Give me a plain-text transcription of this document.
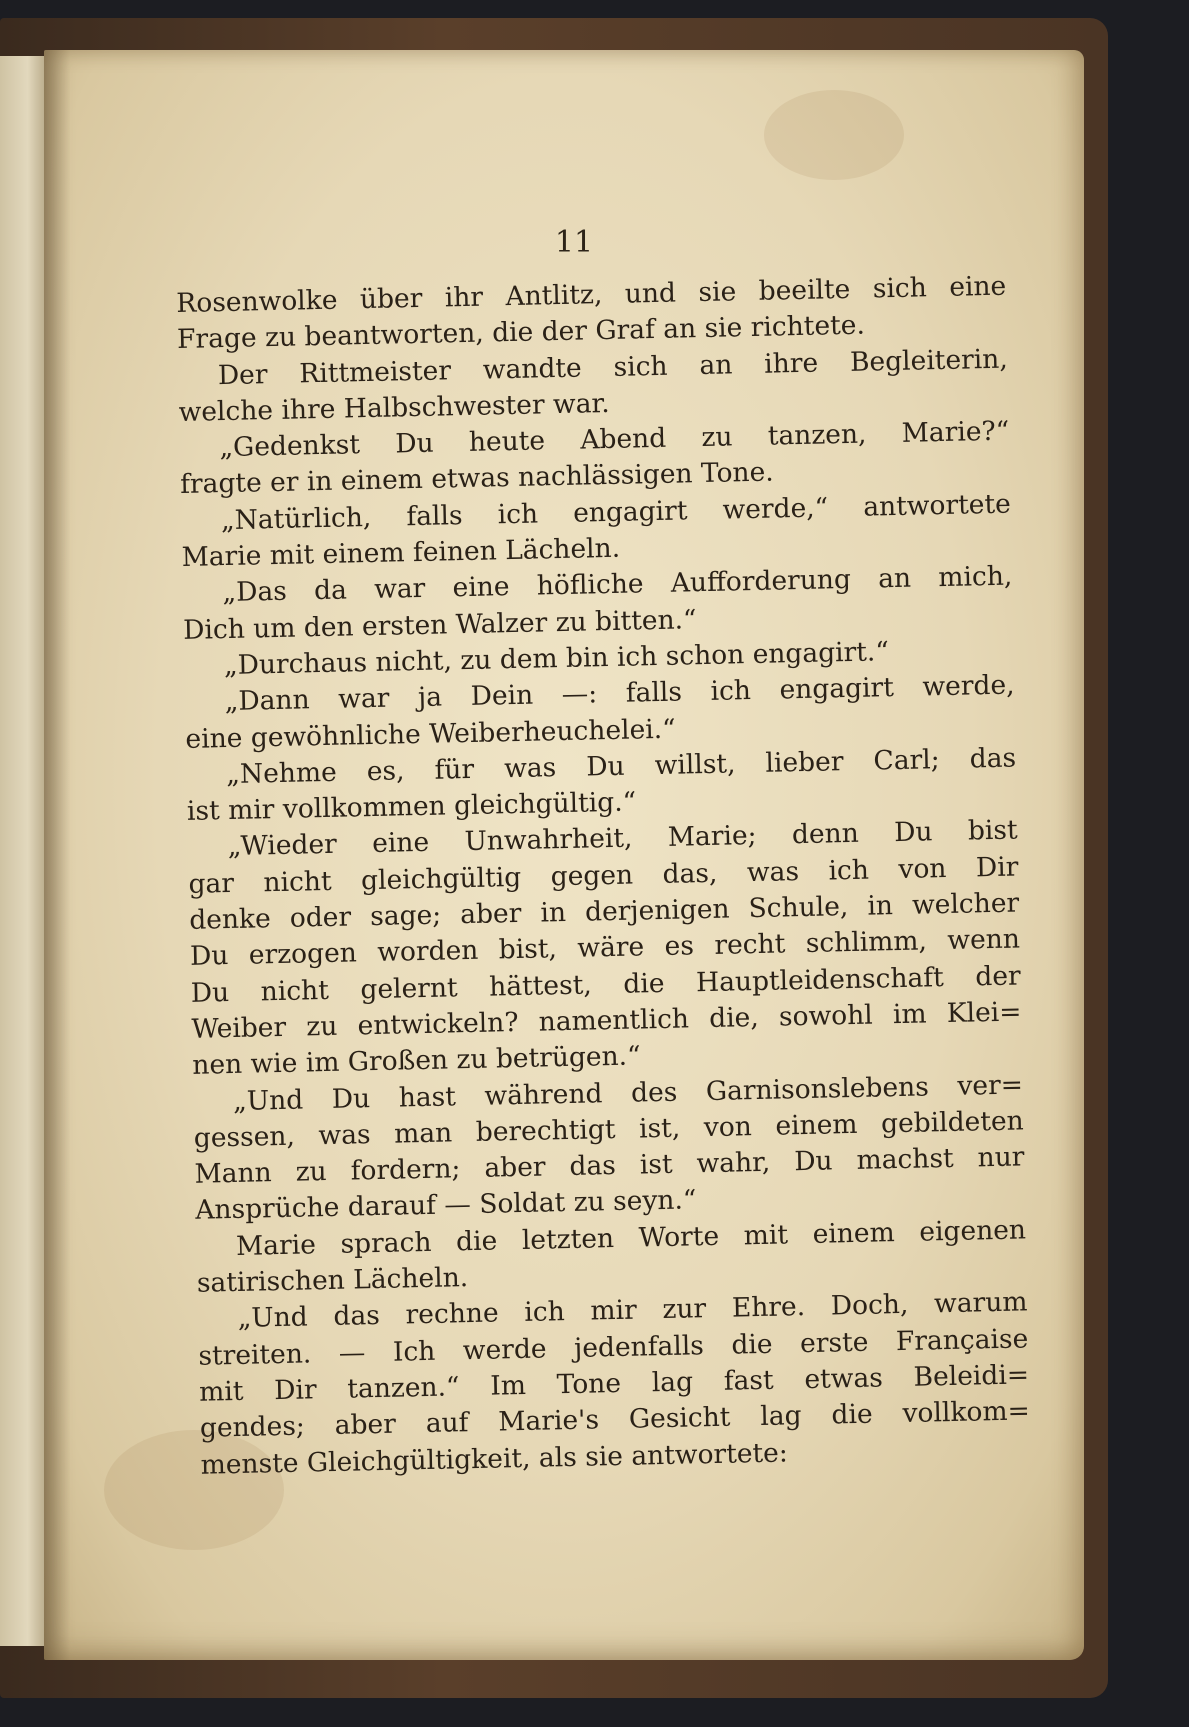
11
Rosenwolke über ihr Antlitz, und sie beeilte sich eine
Frage zu beantworten, die der Graf an sie richtete.
Der Rittmeister wandte sich an ihre Begleiterin,
welche ihre Halbschwester war.
„Gedenkst Du heute Abend zu tanzen, Marie?“
fragte er in einem etwas nachlässigen Tone.
„Natürlich, falls ich engagirt werde,“ antwortete
Marie mit einem feinen Lächeln.
„Das da war eine höfliche Aufforderung an mich,
Dich um den ersten Walzer zu bitten.“
„Durchaus nicht, zu dem bin ich schon engagirt.“
„Dann war ja Dein —: falls ich engagirt werde,
eine gewöhnliche Weiberheuchelei.“
„Nehme es, für was Du willst, lieber Carl; das
ist mir vollkommen gleichgültig.“
„Wieder eine Unwahrheit, Marie; denn Du bist
gar nicht gleichgültig gegen das, was ich von Dir
denke oder sage; aber in derjenigen Schule, in welcher
Du erzogen worden bist, wäre es recht schlimm, wenn
Du nicht gelernt hättest, die Hauptleidenschaft der
Weiber zu entwickeln? namentlich die, sowohl im Klei=
nen wie im Großen zu betrügen.“
„Und Du hast während des Garnisonslebens ver=
gessen, was man berechtigt ist, von einem gebildeten
Mann zu fordern; aber das ist wahr, Du machst nur
Ansprüche darauf — Soldat zu seyn.“
Marie sprach die letzten Worte mit einem eigenen
satirischen Lächeln.
„Und das rechne ich mir zur Ehre. Doch, warum
streiten. — Ich werde jedenfalls die erste Française
mit Dir tanzen.“ Im Tone lag fast etwas Beleidi=
gendes; aber auf Marie's Gesicht lag die vollkom=
menste Gleichgültigkeit, als sie antwortete:
